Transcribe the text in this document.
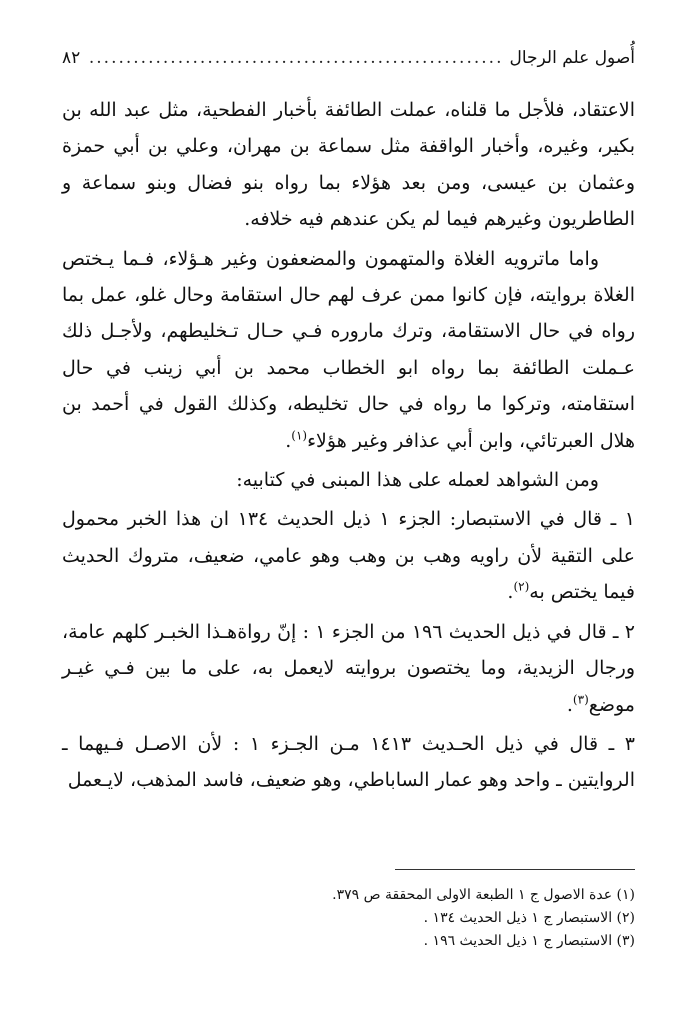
أُصول علم الرجال
.....
٨٢

الاعتقاد، فلأجل ما قلناه، عملت الطائفة بأخبار الفطحية، مثل عبد الله بن بكير، وغيره، وأخبار الواقفة مثل سماعة بن مهران، وعلي بن أبي حمزة وعثمان بن عيسى، ومن بعد هؤلاء بما رواه بنو فضال وبنو سماعة و الطاطريون وغيرهم فيما لم يكن عندهم فيه خلافه.

واما ماترويه الغلاة والمتهمون والمضعفون وغير هـؤلاء، فـما يـختص الغلاة بروايته، فإن كانوا ممن عرف لهم حال استقامة وحال غلو، عمل بما رواه في حال الاستقامة، وترك ماروره فـي حـال تـخليطهم، ولأجـل ذلك عـملت الطائفة بما رواه ابو الخطاب محمد بن أبي زينب في حال استقامته، وتركوا ما رواه في حال تخليطه، وكذلك القول في أحمد بن هلال العبرتائي، وابن أبي عذافر وغير هؤلاء$^{(١)}$.

ومن الشواهد لعمله على هذا المبنى في كتابيه:

١ ـ قال في الاستبصار: الجزء ١ ذيل الحديث ١٣٤ ان هذا الخبر محمول على التقية لأن راويه وهب بن وهب وهو عامي، ضعيف، متروك الحديث فيما يختص به$^{(٢)}$.

٢ ـ قال في ذيل الحديث ١٩٦ من الجزء ١ : إنّ رواةهـذا الخبـر كلهم عامة، ورجال الزيدية، وما يختصون بروايته لايعمل به، على ما بين فـي غيـر موضع$^{(٣)}$.

٣ ـ قال في ذيل الحـديث ١٤١٣ مـن الجـزء ١ : لأن الاصـل فـيهما ـ الروايتين ـ واحد وهو عمار الساباطي، وهو ضعيف، فاسد المذهب، لايـعمل

(١) عدة الاصول ج ١ الطبعة الاولى المحققة ص ٣٧٩.

(٢) الاستبصار ج ١ ذيل الحديث ١٣٤ .

(٣) الاستبصار ج ١ ذيل الحديث ١٩٦ .
